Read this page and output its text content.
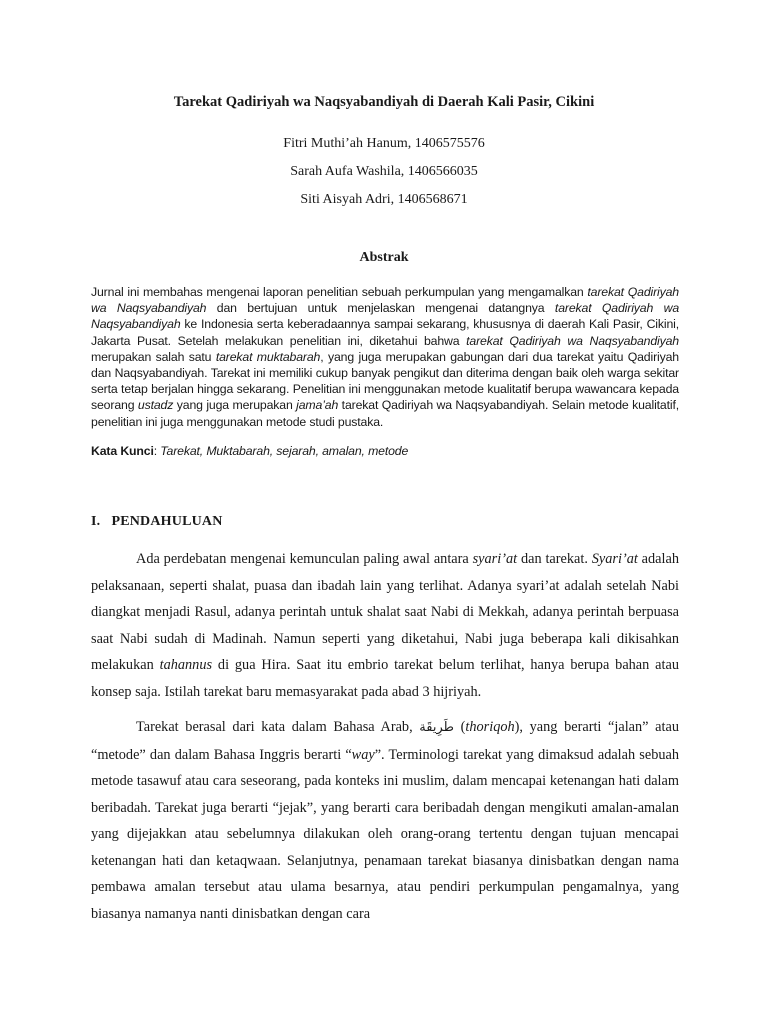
Tarekat Qadiriyah wa Naqsyabandiyah di Daerah Kali Pasir, Cikini
Fitri Muthi’ah Hanum, 1406575576
Sarah Aufa Washila, 1406566035
Siti Aisyah Adri, 1406568671
Abstrak

Jurnal ini membahas mengenai laporan penelitian sebuah perkumpulan yang mengamalkan tarekat Qadiriyah wa Naqsyabandiyah dan bertujuan untuk menjelaskan mengenai datangnya tarekat Qadiriyah wa Naqsyabandiyah ke Indonesia serta keberadaannya sampai sekarang, khususnya di daerah Kali Pasir, Cikini, Jakarta Pusat. Setelah melakukan penelitian ini, diketahui bahwa tarekat Qadiriyah wa Naqsyabandiyah merupakan salah satu tarekat muktabarah, yang juga merupakan gabungan dari dua tarekat yaitu Qadiriyah dan Naqsyabandiyah. Tarekat ini memiliki cukup banyak pengikut dan diterima dengan baik oleh warga sekitar serta tetap berjalan hingga sekarang. Penelitian ini menggunakan metode kualitatif berupa wawancara kepada seorang ustadz yang juga merupakan jama’ah tarekat Qadiriyah wa Naqsyabandiyah. Selain metode kualitatif, penelitian ini juga menggunakan metode studi pustaka.

Kata Kunci: Tarekat, Muktabarah, sejarah, amalan, metode
I.   PENDAHULUAN

Ada perdebatan mengenai kemunculan paling awal antara syari’at dan tarekat. Syari’at adalah pelaksanaan, seperti shalat, puasa dan ibadah lain yang terlihat. Adanya syari’at adalah setelah Nabi diangkat menjadi Rasul, adanya perintah untuk shalat saat Nabi di Mekkah, adanya perintah berpuasa saat Nabi sudah di Madinah. Namun seperti yang diketahui, Nabi juga beberapa kali dikisahkan melakukan tahannus di gua Hira. Saat itu embrio tarekat belum terlihat, hanya berupa bahan atau konsep saja. Istilah tarekat baru memasyarakat pada abad 3 hijriyah.

Tarekat berasal dari kata dalam Bahasa Arab, طَرِيقَة (thoriqoh), yang berarti “jalan” atau “metode” dan dalam Bahasa Inggris berarti “way”. Terminologi tarekat yang dimaksud adalah sebuah metode tasawuf atau cara seseorang, pada konteks ini muslim, dalam mencapai ketenangan hati dalam beribadah. Tarekat juga berarti “jejak”, yang berarti cara beribadah dengan mengikuti amalan-amalan yang dijejakkan atau sebelumnya dilakukan oleh orang-orang tertentu dengan tujuan mencapai ketenangan hati dan ketaqwaan. Selanjutnya, penamaan tarekat biasanya dinisbatkan dengan nama pembawa amalan tersebut atau ulama besarnya, atau pendiri perkumpulan pengamalnya, yang biasanya namanya nanti dinisbatkan dengan cara
